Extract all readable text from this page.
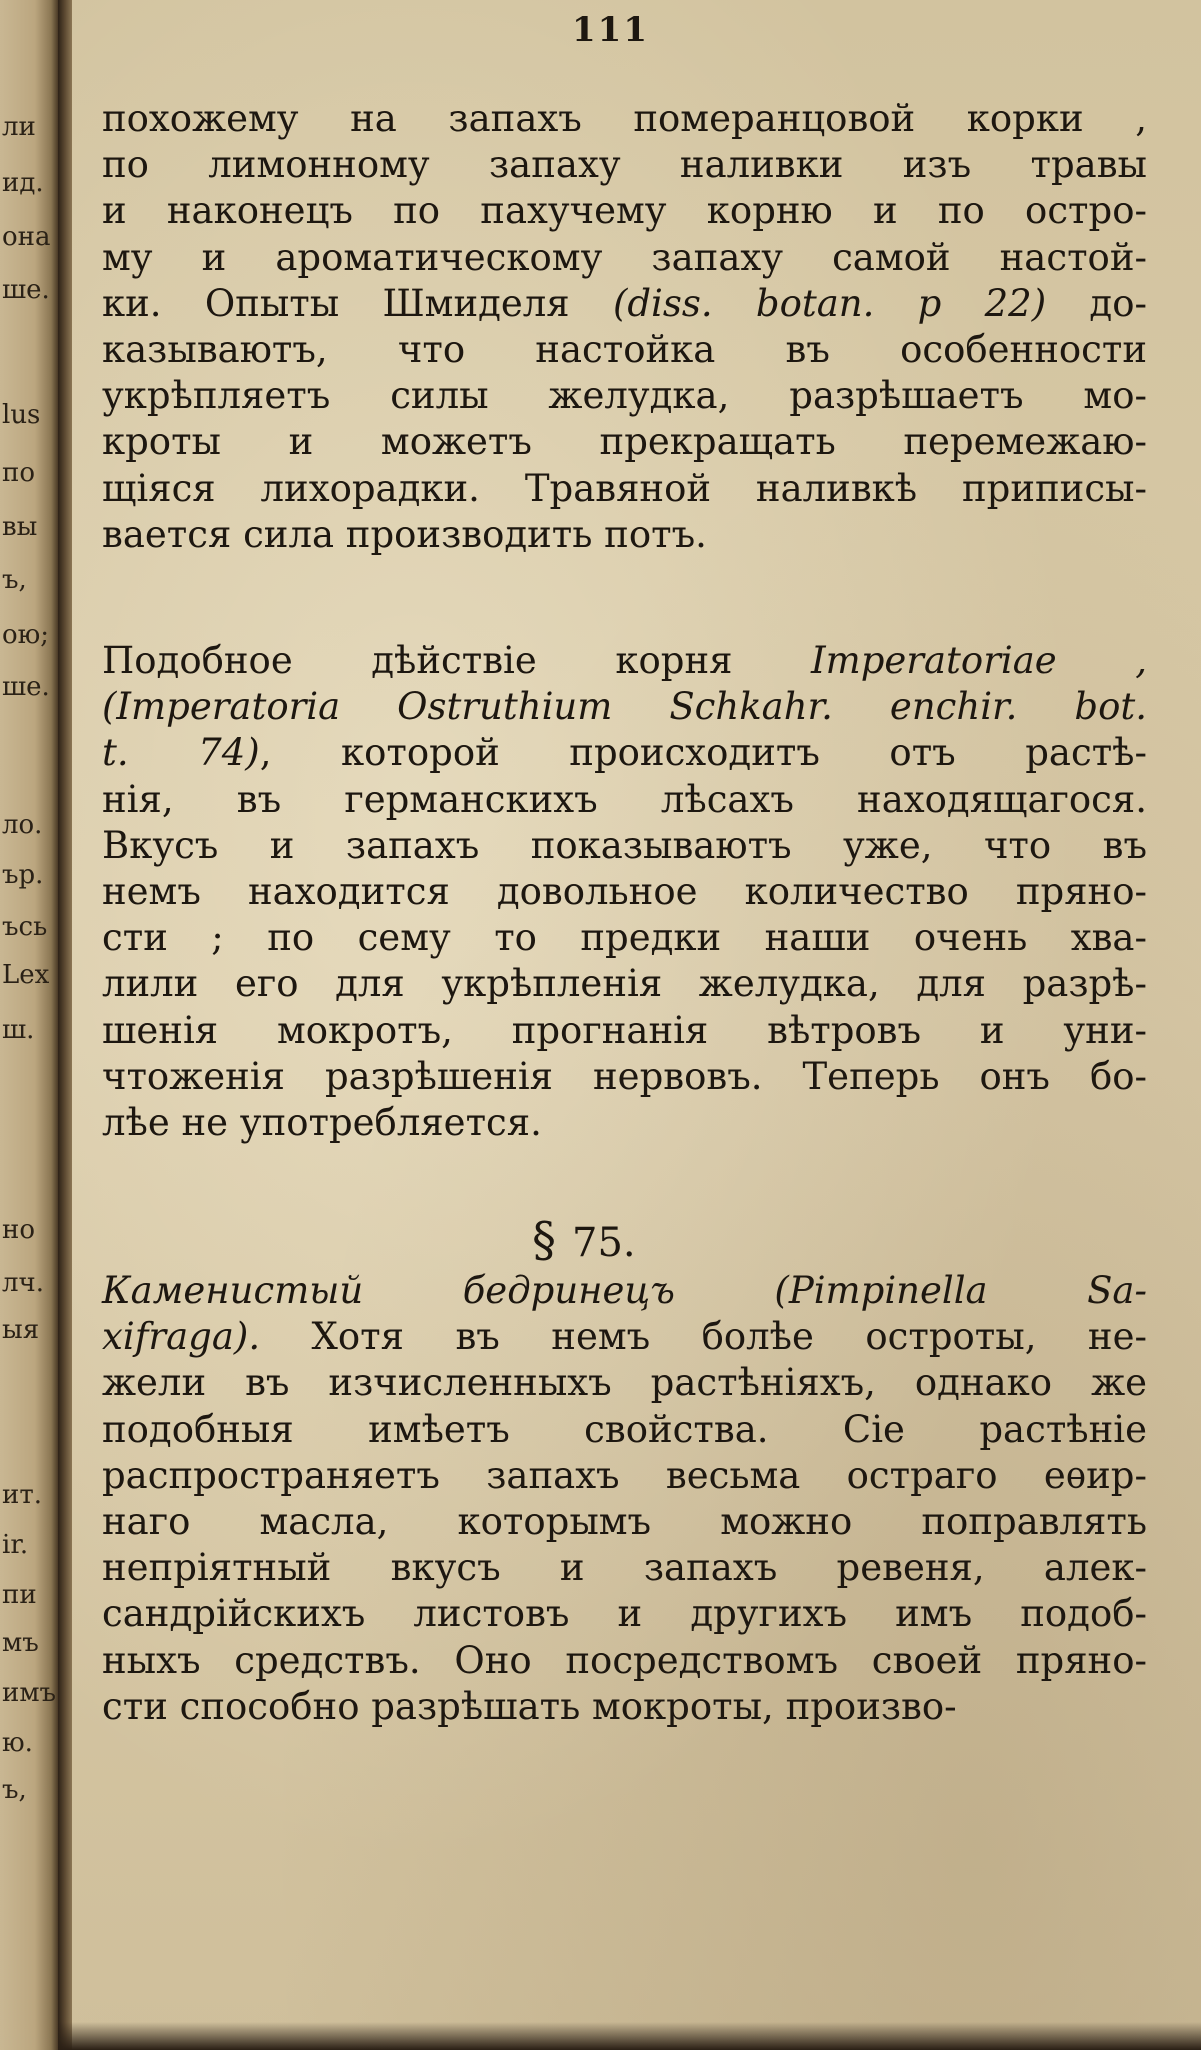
ли
ид.
она
ше.
lus
по
вы
ъ,
ою;
ше.
ло.
ър.
ъсь
Lex
ш.
но
лч.
ыя
ит.
ir.
пи
мъ
имъ
ю.
ъ,
111
похожему на запахъ померанцовой корки ,
по лимонному запаху наливки изъ травы
и наконецъ по пахучему корню и по остро-
му и ароматическому запаху самой настой-
ки. Опыты Шмиделя (diss. botan. p 22) до-
казываютъ, что настойка въ особенности
укрѣпляетъ силы желудка, разрѣшаетъ мо-
кроты и можетъ прекращать перемежаю-
щіяся лихорадки. Травяной наливкѣ приписы-
вается сила производить потъ.
Подобное дѣйствіе корня Imperatoriae ,
(Imperatoria Ostruthium Schkahr. enchir. bot.
t. 74), которой происходитъ отъ растѣ-
нія, въ германскихъ лѣсахъ находящагося.
Вкусъ и запахъ показываютъ уже, что въ
немъ находится довольное количество пряно-
сти ; по сему то предки наши очень хва-
лили его для укрѣпленія желудка, для разрѣ-
шенія мокротъ, прогнанія вѣтровъ и уни-
чтоженія разрѣшенія нервовъ. Теперь онъ бо-
лѣе не употребляется.
§ 75.
Каменистый бедринецъ (Pimpinella Sa-
xifraga). Хотя въ немъ болѣе острoты, не-
жели въ изчисленныхъ растѣніяхъ, однако же
подобныя имѣетъ свойства. Сіе растѣніе
распространяетъ запахъ весьма остраго еѳир-
наго масла, которымъ можно поправлять
непріятный вкусъ и запахъ ревеня, алек-
сандрійскихъ листовъ и другихъ имъ подоб-
ныхъ средствъ. Оно посредствомъ своей пряно-
сти способно разрѣшать мокроты, произво-
